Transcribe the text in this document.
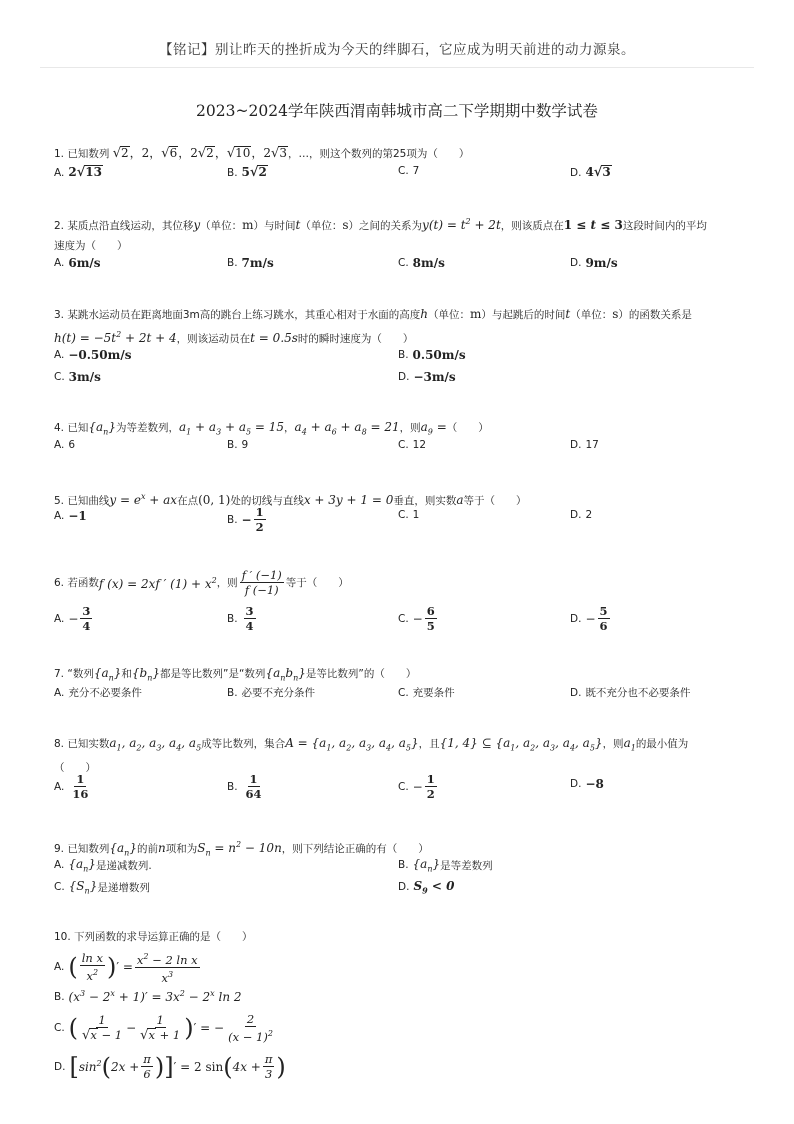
【铭记】别让昨天的挫折成为今天的绊脚石，它应成为明天前进的动力源泉。
2023~2024学年陕西渭南韩城市高二下学期期中数学试卷
1. 已知数列 √2，2，√6，2√2，√10，2√3，…，则这个数列的第25项为（　　）
A. 2√13	B. 5√2	C. 7	D. 4√3
2. 某质点沿直线运动，其位移y（单位：m）与时间t（单位：s）之间的关系为$y(t) = t^2 + 2t$，则该质点在1 ≤ t ≤ 3这段时间内的平均
速度为（　　）
A. 6m/s	B. 7m/s	C. 8m/s	D. 9m/s
3. 某跳水运动员在距离地面3m高的跳台上练习跳水，其重心相对于水面的高度h（单位：m）与起跳后的时间t（单位：s）的函数关系是
$h(t) = -5t^2 + 2t + 4$，则该运动员在t = 0.5s时的瞬时速度为（　　）
A. −0.50m/s	B. 0.50m/s
C. 3m/s	D. −3m/s
4. 已知$\{a_n\}$为等差数列，$a_1 + a_3 + a_5 = 15$，$a_4 + a_6 + a_8 = 21$，则$a_9$ =（　　）
A. 6	B. 9	C. 12	D. 17
5. 已知曲线$y = e^x$ + ax在点(0, 1)处的切线与直线x + 3y + 1 = 0垂直，则实数a等于（　　）
A. −1	B. − $\frac{1}{2}$	C. 1	D. 2
6.
若函数 f (x) = 2xf ′ $(1) + x^2$ ，则 $\frac{f ' (-1)}{f (-1)}$ 等于（　　）
A. − $\frac{3}{4}$	B. $\frac{3}{4}$	C. − $\frac{6}{5}$	D. − $\frac{5}{6}$
7. “数列$\{a_n\}$和$\{b_n\}$都是等比数列”是“数列$\{a_nb_n\}$是等比数列”的（　　）
A. 充分不必要条件	B. 必要不充分条件	C. 充要条件	D. 既不充分也不必要条件
8. 已知实数$a_1$, $a_2$, $a_3$, $a_4$, $a_5$成等比数列，集合$A = \{a_1$, $a_2$, $a_3$, $a_4$, $a_5$}，且{1, 4} ⊆ {$a_1$, $a_2$, $a_3$, $a_4$, $a_5$}，则$a_1$的最小值为
（　　）
A. $\frac{1}{16}$	B. $\frac{1}{64}$	C. − $\frac{1}{2}$	D. −8
9. 已知数列$\{a_n\}$的前n项和为$S_n = n^2 - 10n$，则下列结论正确的有（　　）
A. $\{a_n\}$ 是递减数列.	B. $\{a_n\}$ 是等差数列
C. $\{S_n\}$ 是递增数列	D. $S_9 < 0$
10. 下列函数的求导运算正确的是（　　）
A. ( $\frac{\text{ln x}}{x^2}$ ) ′ = $\frac{x^2 - 2 \ln x}{x^3}$
B. $(x^3 - 2^x + 1)' = 3x^2 - 2^x$ ln 2
C. ( $\frac{1}{√x - 1} - \frac{1}{√x + 1}$ ) ′ = − $\frac{2}{(x - 1)^2}$
D. [ $\sin^2$ ( $2x + \frac{\pi}{6}$ ) ] ′ = 2 sin ( $4x + \frac{\pi}{3}$ )
